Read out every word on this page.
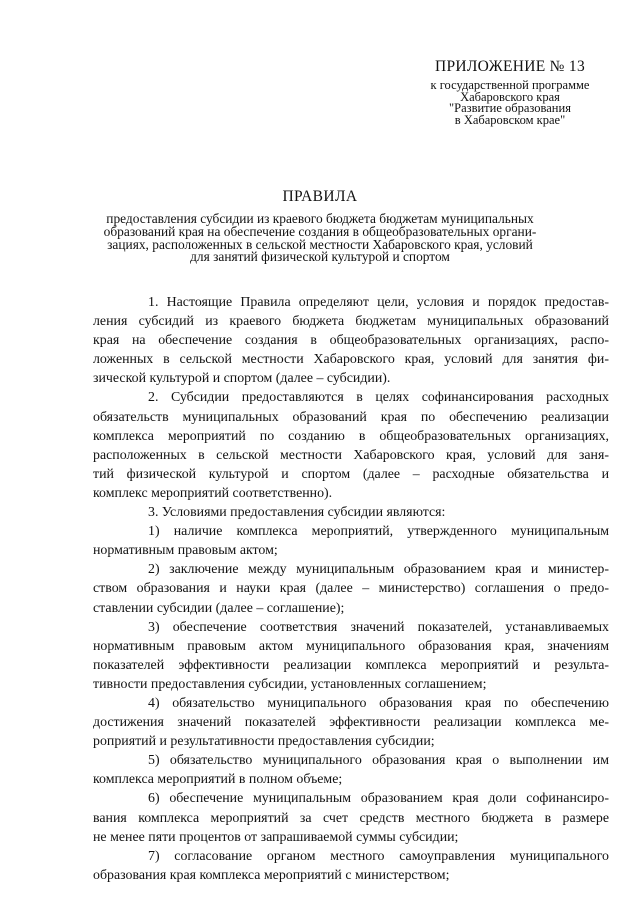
ПРИЛОЖЕНИЕ № 13
к государственной программе
Хабаровского края
"Развитие образования
в Хабаровском крае"
ПРАВИЛА
предоставления субсидии из краевого бюджета бюджетам муниципальных
образований края на обеспечение создания в общеобразовательных органи-
зациях, расположенных в сельской местности Хабаровского края, условий
для занятий физической культурой и спортом
1. Настоящие Правила определяют цели, условия и порядок предостав-
ления субсидий из краевого бюджета бюджетам муниципальных образований
края на обеспечение создания в общеобразовательных организациях, распо-
ложенных в сельской местности Хабаровского края, условий для занятия фи-
зической культурой и спортом (далее – субсидии).
2. Субсидии предоставляются в целях софинансирования расходных
обязательств муниципальных образований края по обеспечению реализации
комплекса мероприятий по созданию в общеобразовательных организациях,
расположенных в сельской местности Хабаровского края, условий для заня-
тий физической культурой и спортом (далее – расходные обязательства и
комплекс мероприятий соответственно).
3. Условиями предоставления субсидии являются:
1) наличие комплекса мероприятий, утвержденного муниципальным
нормативным правовым актом;
2) заключение между муниципальным образованием края и министер-
ством образования и науки края (далее – министерство) соглашения о предо-
ставлении субсидии (далее – соглашение);
3) обеспечение соответствия значений показателей, устанавливаемых
нормативным правовым актом муниципального образования края, значениям
показателей эффективности реализации комплекса мероприятий и результа-
тивности предоставления субсидии, установленных соглашением;
4) обязательство муниципального образования края по обеспечению
достижения значений показателей эффективности реализации комплекса ме-
роприятий и результативности предоставления субсидии;
5) обязательство муниципального образования края о выполнении им
комплекса мероприятий в полном объеме;
6) обеспечение муниципальным образованием края доли софинансиро-
вания комплекса мероприятий за счет средств местного бюджета в размере
не менее пяти процентов от запрашиваемой суммы субсидии;
7) согласование органом местного самоуправления муниципального
образования края комплекса мероприятий с министерством;
